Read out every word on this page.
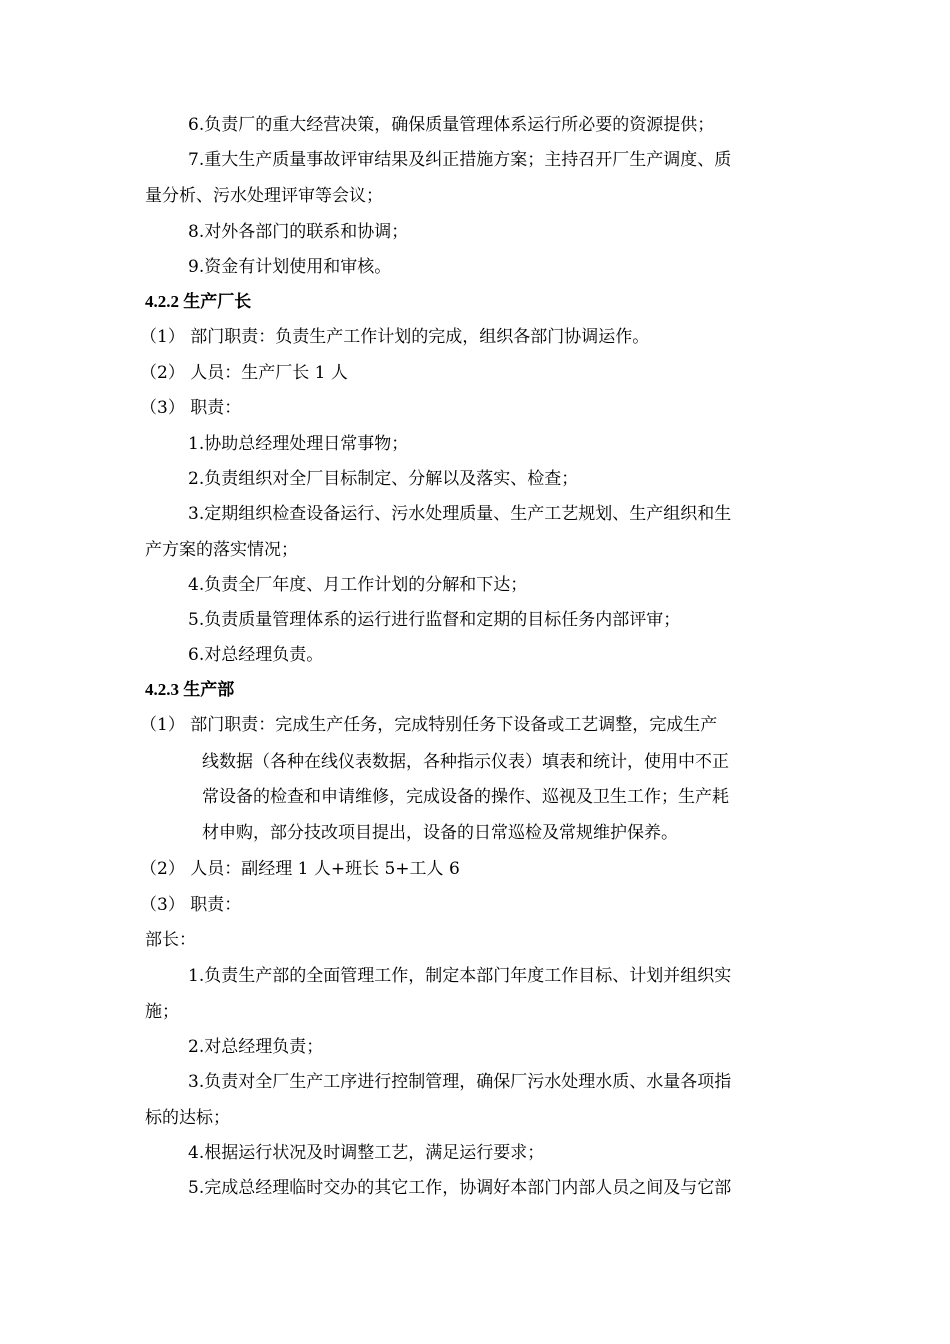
6.负责厂的重大经营决策，确保质量管理体系运行所必要的资源提供；
7.重大生产质量事故评审结果及纠正措施方案；主持召开厂生产调度、质
量分析、污水处理评审等会议；
8.对外各部门的联系和协调；
9.资金有计划使用和审核。
4.2.2 生产厂长
（1） 部门职责：负责生产工作计划的完成，组织各部门协调运作。
（2） 人员：生产厂长 1 人
（3） 职责：
1.协助总经理处理日常事物；
2.负责组织对全厂目标制定、分解以及落实、检查；
3.定期组织检查设备运行、污水处理质量、生产工艺规划、生产组织和生
产方案的落实情况；
4.负责全厂年度、月工作计划的分解和下达；
5.负责质量管理体系的运行进行监督和定期的目标任务内部评审；
6.对总经理负责。
4.2.3 生产部
（1） 部门职责：完成生产任务，完成特别任务下设备或工艺调整，完成生产
线数据（各种在线仪表数据，各种指示仪表）填表和统计，使用中不正
常设备的检查和申请维修，完成设备的操作、巡视及卫生工作；生产耗
材申购，部分技改项目提出，设备的日常巡检及常规维护保养。
（2） 人员：副经理 1 人+班长 5+工人 6
（3） 职责：
部长：
1.负责生产部的全面管理工作，制定本部门年度工作目标、计划并组织实
施；
2.对总经理负责；
3.负责对全厂生产工序进行控制管理，确保厂污水处理水质、水量各项指
标的达标；
4.根据运行状况及时调整工艺，满足运行要求；
5.完成总经理临时交办的其它工作，协调好本部门内部人员之间及与它部
